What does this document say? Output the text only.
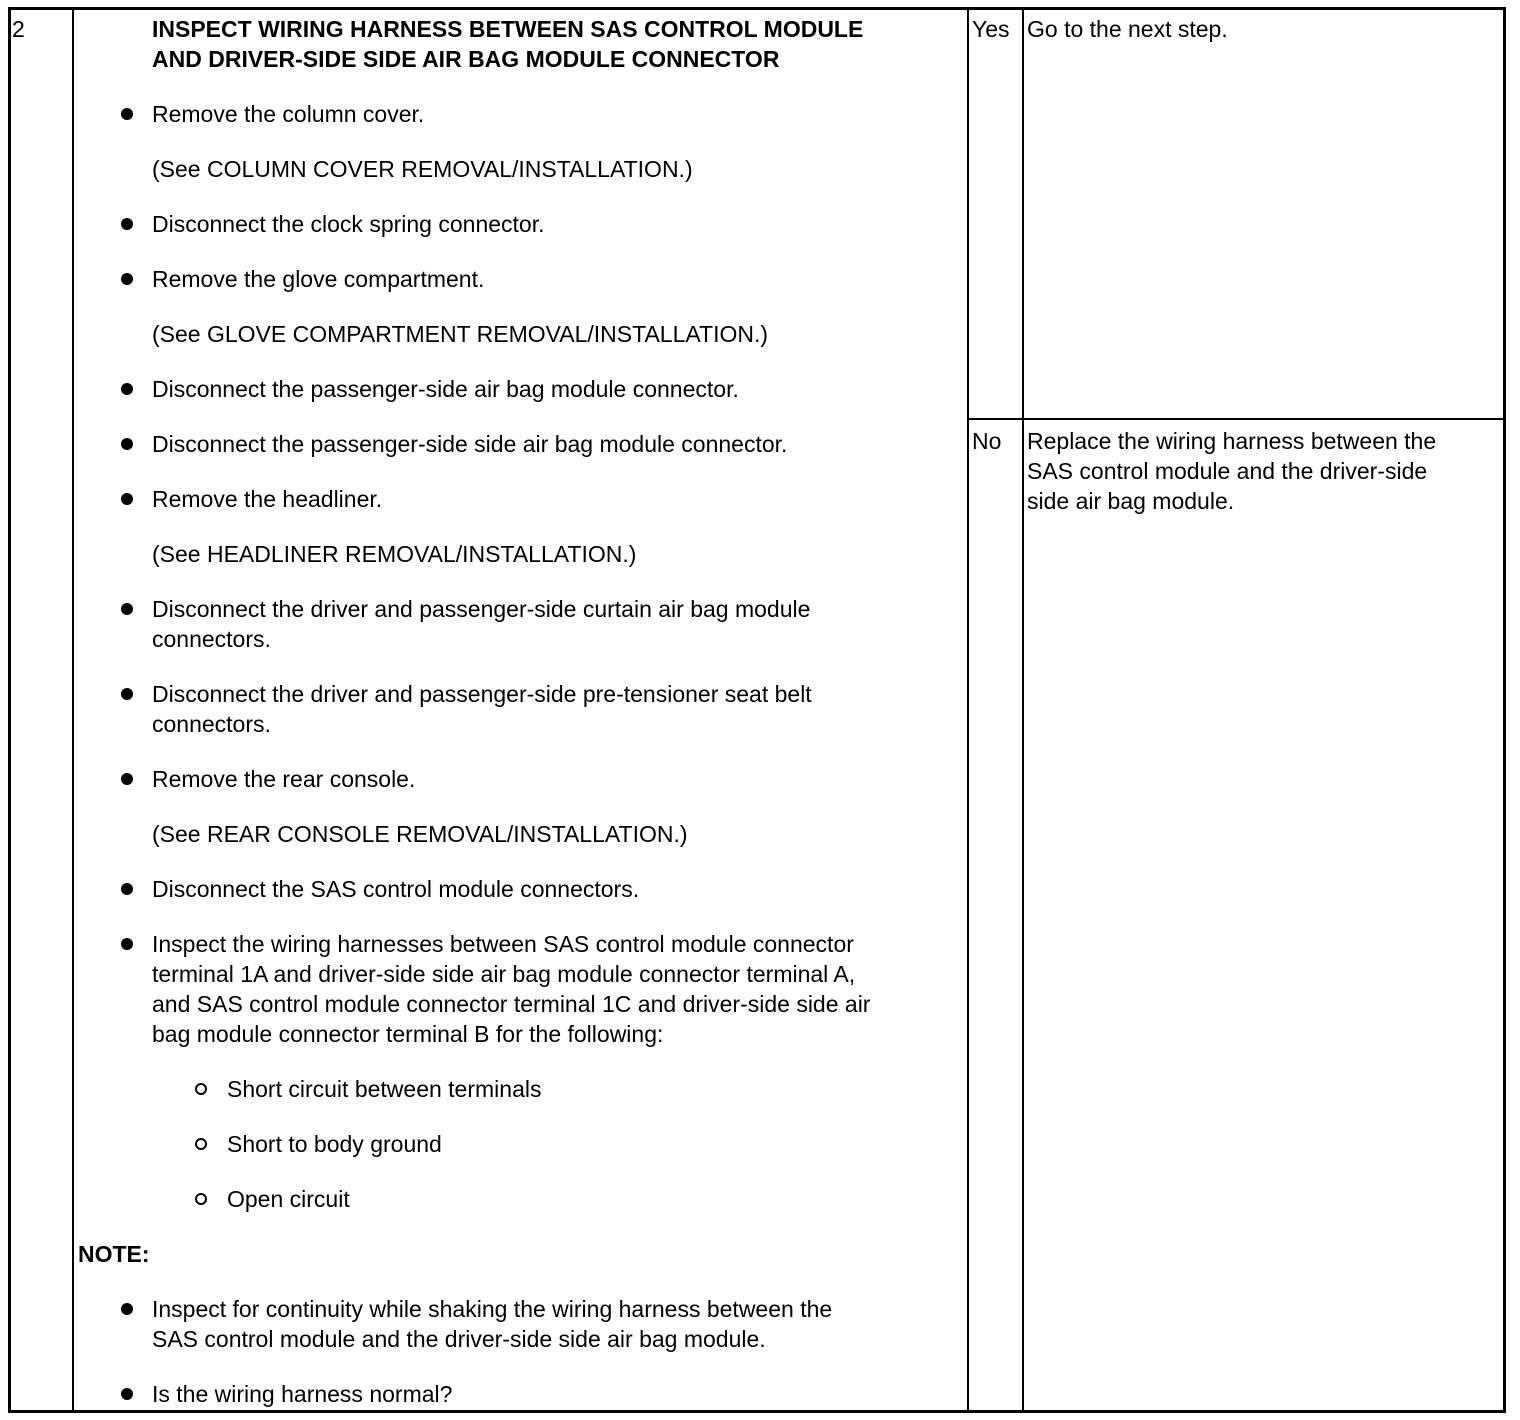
2	INSPECT WIRING HARNESS BETWEEN SAS CONTROL MODULE
AND DRIVER-SIDE SIDE AIR BAG MODULE CONNECTOR
Remove the column cover.
(See COLUMN COVER REMOVAL/INSTALLATION.)
Disconnect the clock spring connector.
Remove the glove compartment.
(See GLOVE COMPARTMENT REMOVAL/INSTALLATION.)
Disconnect the passenger-side air bag module connector.
Disconnect the passenger-side side air bag module connector.
Remove the headliner.
(See HEADLINER REMOVAL/INSTALLATION.)
Disconnect the driver and passenger-side curtain air bag module
connectors.
Disconnect the driver and passenger-side pre-tensioner seat belt
connectors.
Remove the rear console.
(See REAR CONSOLE REMOVAL/INSTALLATION.)
Disconnect the SAS control module connectors.
Inspect the wiring harnesses between SAS control module connector
terminal 1A and driver-side side air bag module connector terminal A,
and SAS control module connector terminal 1C and driver-side side air
bag module connector terminal B for the following:
Short circuit between terminals
Short to body ground
Open circuit
NOTE:
Inspect for continuity while shaking the wiring harness between the
SAS control module and the driver-side side air bag module.
Is the wiring harness normal?
Yes Go to the next step.
No Replace the wiring harness between the
SAS control module and the driver-side
side air bag module.
